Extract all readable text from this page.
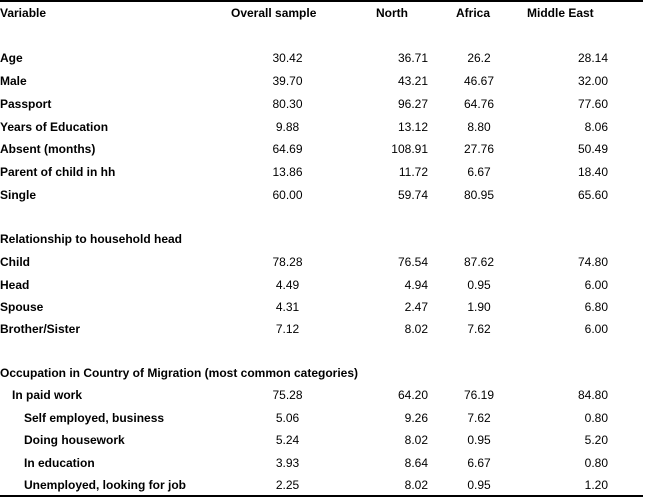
Variable	Overall sample	North	Africa	Middle East
Age	30.42	36.71	26.2	28.14
Male	39.70	43.21	46.67	32.00
Passport	80.30	96.27	64.76	77.60
Years of Education	9.88	13.12	8.80	8.06
Absent (months)	64.69	108.91	27.76	50.49
Parent of child in hh	13.86	11.72	6.67	18.40
Single	60.00	59.74	80.95	65.60
Relationship to household head
Child	78.28	76.54	87.62	74.80
Head	4.49	4.94	0.95	6.00
Spouse	4.31	2.47	1.90	6.80
Brother/Sister	7.12	8.02	7.62	6.00
Occupation in Country of Migration (most common categories)
In paid work	75.28	64.20	76.19	84.80
Self employed, business	5.06	9.26	7.62	0.80
Doing housework	5.24	8.02	0.95	5.20
In education	3.93	8.64	6.67	0.80
Unemployed, looking for job	2.25	8.02	0.95	1.20
